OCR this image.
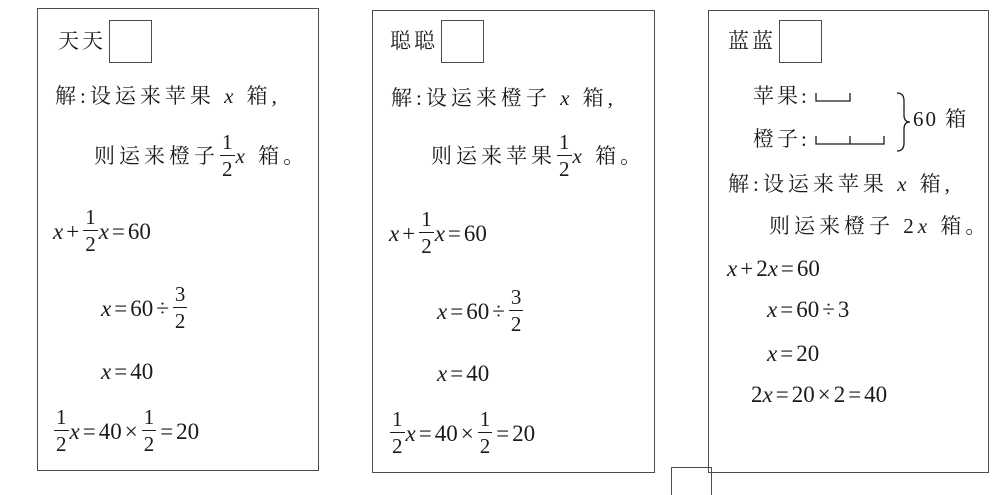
天天
解:设运来苹果 x 箱,
则运来橙子 $\frac{1}{2}$ x 箱。
$x + \frac{1}{2}$ x = 60
$x = 60 \div \frac{3}{2}$
x = 40
$\frac{1}{2}$ $x = 40 \times \frac{1}{2} = 20$
聪聪
解:设运来橙子 x 箱,
则运来苹果 $\frac{1}{2}$ x 箱。
$x + \frac{1}{2}$ x = 60
$x = 60 \div \frac{3}{2}$
x = 40
$\frac{1}{2}$ $x = 40 \times \frac{1}{2} = 20$
蓝蓝
苹果:
橙子:
60 箱
解:设运来苹果 x 箱,
则运来橙子 2 x 箱。
x + 2 x = 60
x = 60 ÷ 3
x = 20
2 x = 20 × 2 = 40
